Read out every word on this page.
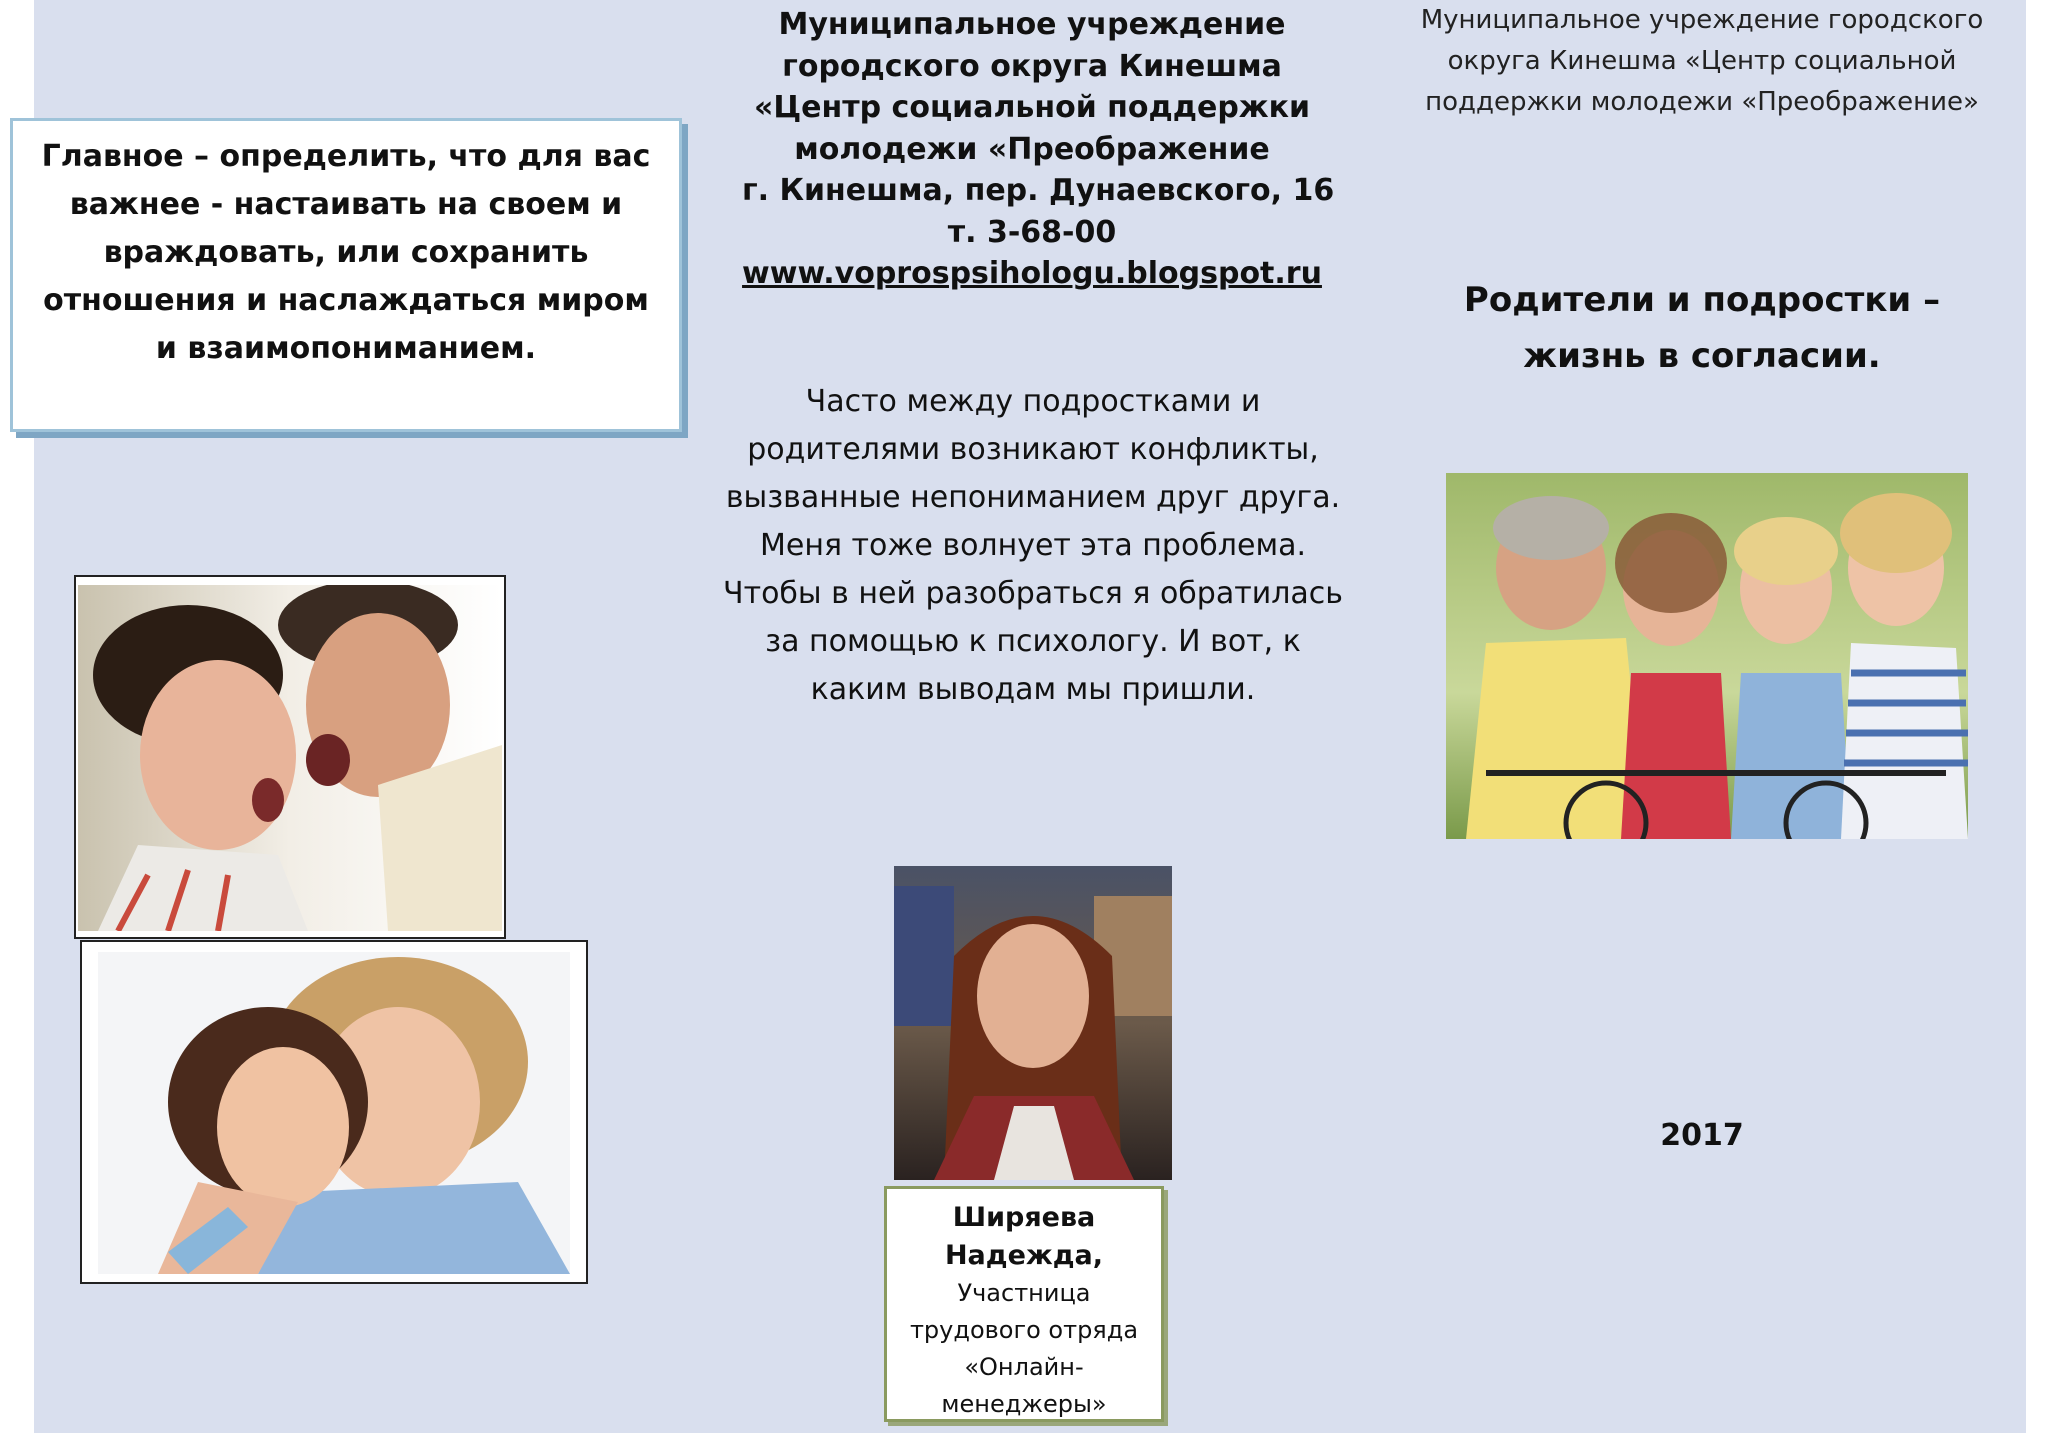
Главное – определить, что для вас важнее - настаивать на своем и враждовать, или сохранить отношения и наслаждаться миром и взаимопониманием.

Муниципальное учреждение
городского округа Кинешма
«Центр социальной поддержки
молодежи «Преображение
г. Кинешма, пер. Дунаевского, 16
т. 3-68-00
www.voprospsihologu.blogspot.ru
Часто между подростками и родителями возникают конфликты, вызванные непониманием друг друга. Меня тоже волнует эта проблема. Чтобы в ней разобраться я обратилась за помощью к психологу. И вот, к каким выводам мы пришли.
Ширяева Надежда,
Участница трудового отряда «Онлайн-менеджеры»
Муниципальное учреждение городского округа Кинешма «Центр социальной поддержки молодежи «Преображение»
Родители и подростки – жизнь в согласии.
2017
